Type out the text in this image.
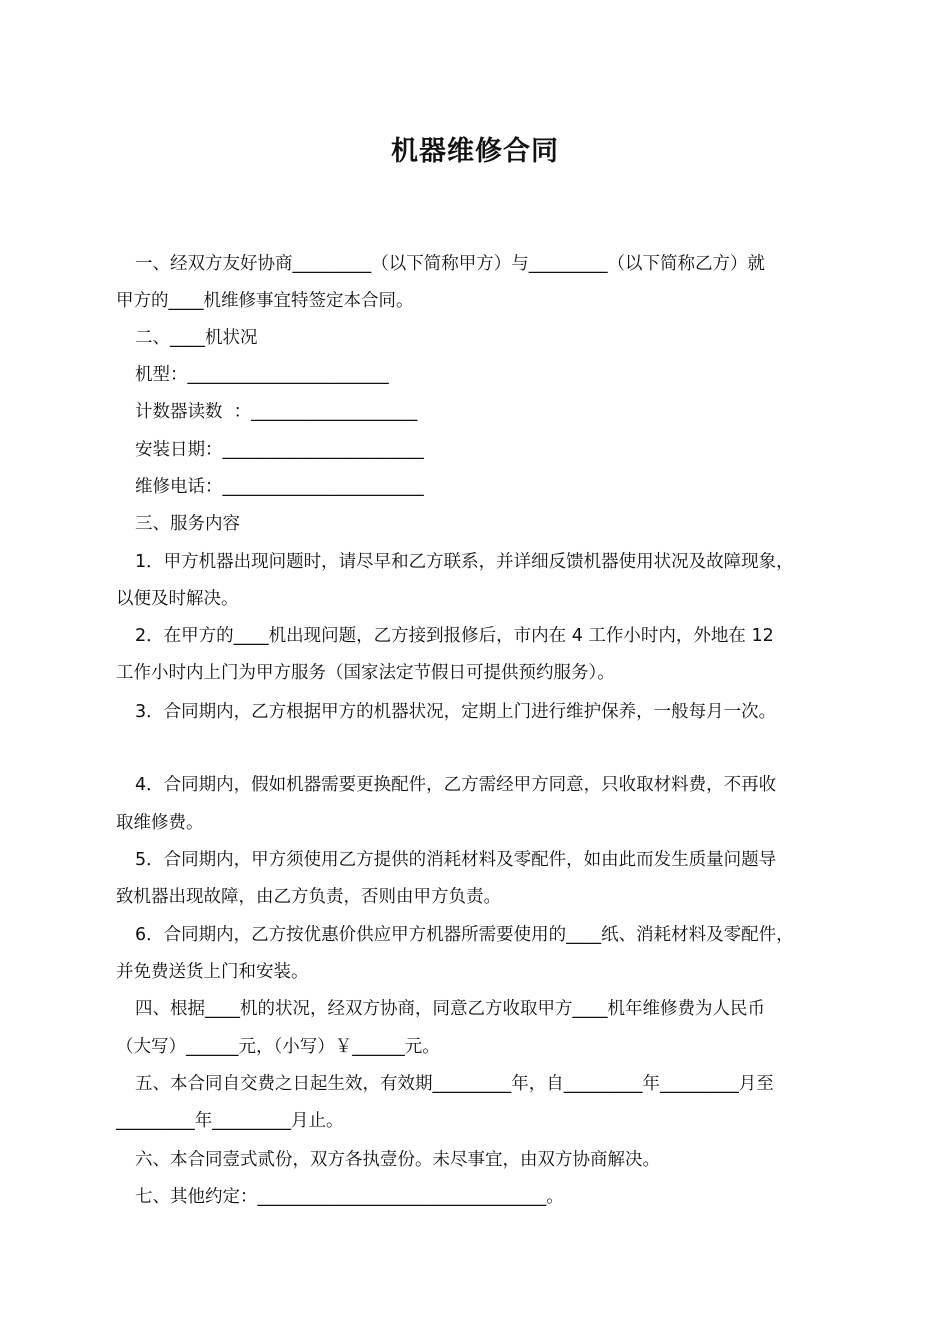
机器维修合同
一、经双方友好协商_________（以下简称甲方）与_________（以下简称乙方）就
甲方的____机维修事宜特签定本合同。
二、____机状况
机型：_______________________
计数器读数  ：___________________
安装日期：_______________________
维修电话：_______________________
三、服务内容
1．甲方机器出现问题时，请尽早和乙方联系，并详细反馈机器使用状况及故障现象，
以便及时解决。
2．在甲方的____机出现问题，乙方接到报修后，市内在 4 工作小时内，外地在 12
工作小时内上门为甲方服务（国家法定节假日可提供预约服务）。
3．合同期内，乙方根据甲方的机器状况，定期上门进行维护保养，一般每月一次。
4．合同期内，假如机器需要更换配件，乙方需经甲方同意，只收取材料费，不再收
取维修费。
5．合同期内，甲方须使用乙方提供的消耗材料及零配件，如由此而发生质量问题导
致机器出现故障，由乙方负责，否则由甲方负责。
6．合同期内，乙方按优惠价供应甲方机器所需要使用的____纸、消耗材料及零配件，
并免费送货上门和安装。
四、根据____机的状况，经双方协商，同意乙方收取甲方____机年维修费为人民币
（大写）______元，（小写）￥______元。
五、本合同自交费之日起生效，有效期_________年，自_________年_________月至
_________年_________月止。
六、本合同壹式贰份，双方各执壹份。未尽事宜，由双方协商解决。
七、其他约定：_________________________________。
